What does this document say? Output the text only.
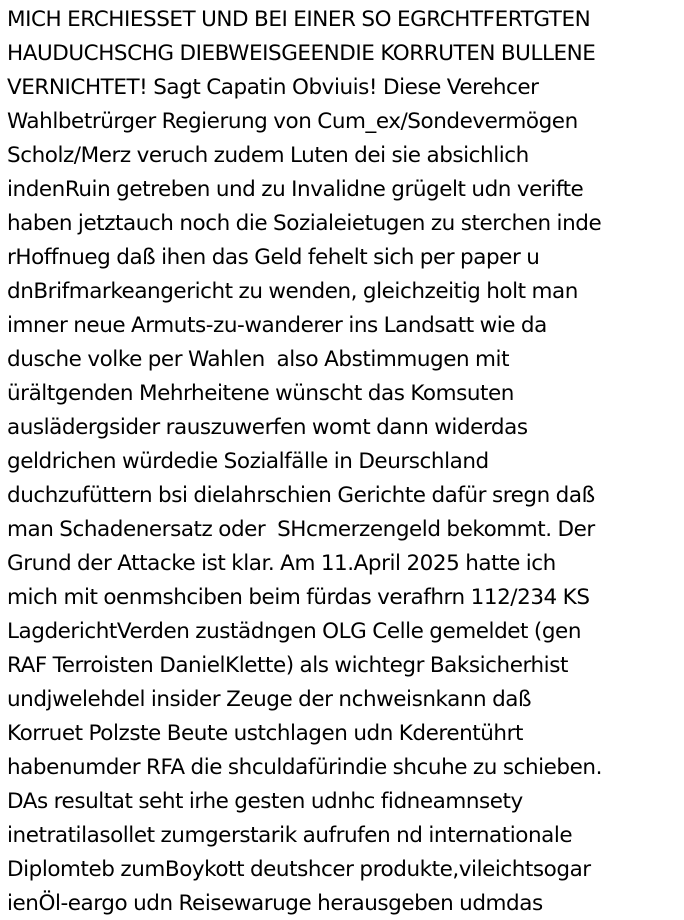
MICH ERCHIESSET UND BEI EINER SO EGRCHTFERTGTEN
HAUDUCHSCHG DIEBWEISGEENDIE KORRUTEN BULLENE
VERNICHTET! Sagt Capatin Obviuis! Diese Verehcer
Wahlbetrürger Regierung von Cum_ex/Sondevermögen
Scholz/Merz veruch zudem Luten dei sie absichlich
indenRuin getreben und zu Invalidne grügelt udn verifte
haben jetztauch noch die Sozialeietugen zu sterchen inde
rHoffnueg daß ihen das Geld fehelt sich per paper u
dnBrifmarkeangericht zu wenden, gleichzeitig holt man
imner neue Armuts-zu-wanderer ins Landsatt wie da
dusche volke per Wahlen  also Abstimmugen mit
ürältgenden Mehrheitene wünscht das Komsuten
auslädergsider rauszuwerfen womt dann widerdas
geldrichen würdedie Sozialfälle in Deurschland
duchzufüttern bsi dielahrschien Gerichte dafür sregn daß
man Schadenersatz oder  SHcmerzengeld bekommt. Der
Grund der Attacke ist klar. Am 11.April 2025 hatte ich
mich mit oenmshciben beim fürdas verafhrn 112/234 KS
LagderichtVerden zustädngen OLG Celle gemeldet (gen
RAF Terroisten DanielKlette) als wichtegr Baksicherhist
undjwelehdel insider Zeuge der nchweisnkann daß
Korruet Polzste Beute ustchlagen udn Kderentührt
habenumder RFA die shculdafürindie shcuhe zu schieben.
DAs resultat seht irhe gesten udnhc fidneamnsety
inetratilasollet zumgerstarik aufrufen nd internationale
Diplomteb zumBoykott deutshcer produkte,vileichtsogar
ienÖl-eargo udn Reisewaruge herausgeben udmdas
